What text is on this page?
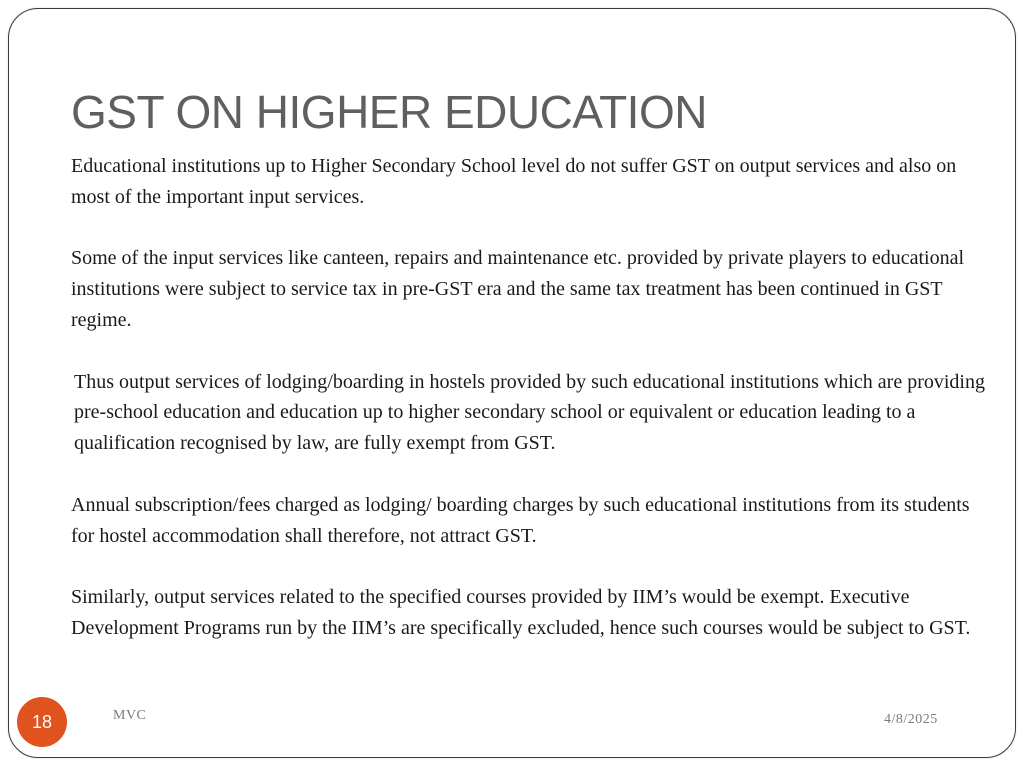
GST ON HIGHER EDUCATION

Educational institutions up to Higher Secondary School level do not suffer GST on output services and also on most of the important input services.

Some of the input services like canteen, repairs and maintenance etc. provided by private players to educational institutions were subject to service tax in pre-GST era and the same tax treatment has been continued in GST regime.

Thus output services of lodging/boarding in hostels provided by such educational institutions which are providing pre-school education and education up to higher secondary school or equivalent or education leading to a qualification recognised by law, are fully exempt from GST.

Annual subscription/fees charged as lodging/ boarding charges by such educational institutions from its students for hostel accommodation shall therefore, not attract GST.

Similarly, output services related to the specified courses provided by IIM’s would be exempt. Executive Development Programs run by the IIM’s are specifically excluded, hence such courses would be subject to GST.

18	MVC	4/8/2025
